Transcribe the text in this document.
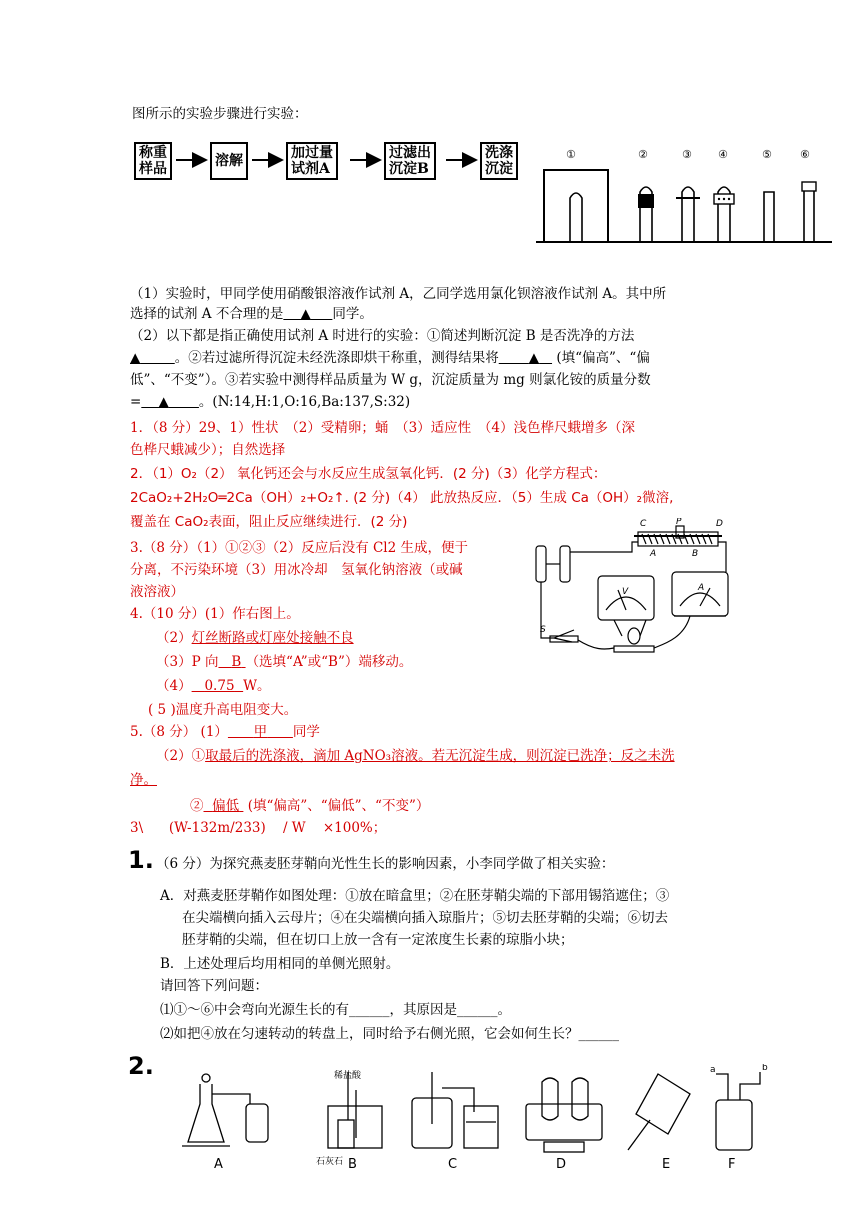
图所示的实验步骤进行实验：
称重
样品	溶解	加过量
试剂A
过滤出
沉淀B
洗涤
沉淀
①	②	③ ④	⑤	⑥
（1）实验时，甲同学使用硝酸银溶液作试剂 A，乙同学选用氯化钡溶液作试剂 A。其中所
选择的试剂 A 不合理的是 ▲ 同学。
（2）以下都是指正确使用试剂 A 时进行的实验：①简述判断沉淀 B 是否洗净的方法
▲	。②若过滤所得沉淀未经洗涤即烘干称重，测得结果将 ▲ (填“偏高”、“偏
低”、“不变”）。③若实验中测得样品质量为 W g，沉淀质量为 mg 则氯化铵的质量分数
= ▲ 。(N:14,H:1,O:16,Ba:137,S:32)
1．（8 分）29、1）性状　（2）受精卵；蛹　（3）适应性　（4）浅色桦尺蛾增多（深
色桦尺蛾减少）；自然选择
2．（1）O₂（2） 氧化钙还会与水反应生成氢氧化钙．(2 分)（3）化学方程式：
2CaO₂+2H₂O═2Ca（OH）₂+O₂↑. (2 分)（4） 此放热反应．（5）生成 Ca（OH）₂微溶,
覆盖在 CaO₂表面，阻止反应继续进行．(2 分)
3.（8 分）（1）①②③（2）反应后没有 Cl2 生成，便于
分离，不污染环境（3）用冰冷却　氢氧化钠溶液（或碱
液溶液）
4.（10 分）(1）作右图上。
（2）灯丝断路或灯座处接触不良
（3）P 向 B （选填“A”或“B”）端移动。
（4） 0.75 W。
( 5 )温度升高电阻变大。
5.（8 分） (1） 甲 同学
（2）①取最后的洗涤液，滴加 AgNO₃溶液。若无沉淀生成，则沉淀已洗净；反之未洗
净。
② 偏低 (填“偏高”、“偏低”、“不变”）
3\ (W-132m/233) / W ×100%；
C	P	D
A	B
V	A
S
1. （6 分）为探究燕麦胚芽鞘向光性生长的影响因素，小李同学做了相关实验：
A．对燕麦胚芽鞘作如图处理：①放在暗盒里；②在胚芽鞘尖端的下部用锡箔遮住；③
在尖端横向插入云母片；④在尖端横向插入琼脂片；⑤切去胚芽鞘的尖端；⑥切去
胚芽鞘的尖端，但在切口上放一含有一定浓度生长素的琼脂小块；
B．上述处理后均用相同的单侧光照射。
请回答下列问题：
⑴①～⑥中会弯向光源生长的有______，其原因是______。
⑵如把④放在匀速转动的转盘上，同时给予右侧光照，它会如何生长？______
2.	稀盐酸
石灰石
a	b
A	B	C	D	E	F
